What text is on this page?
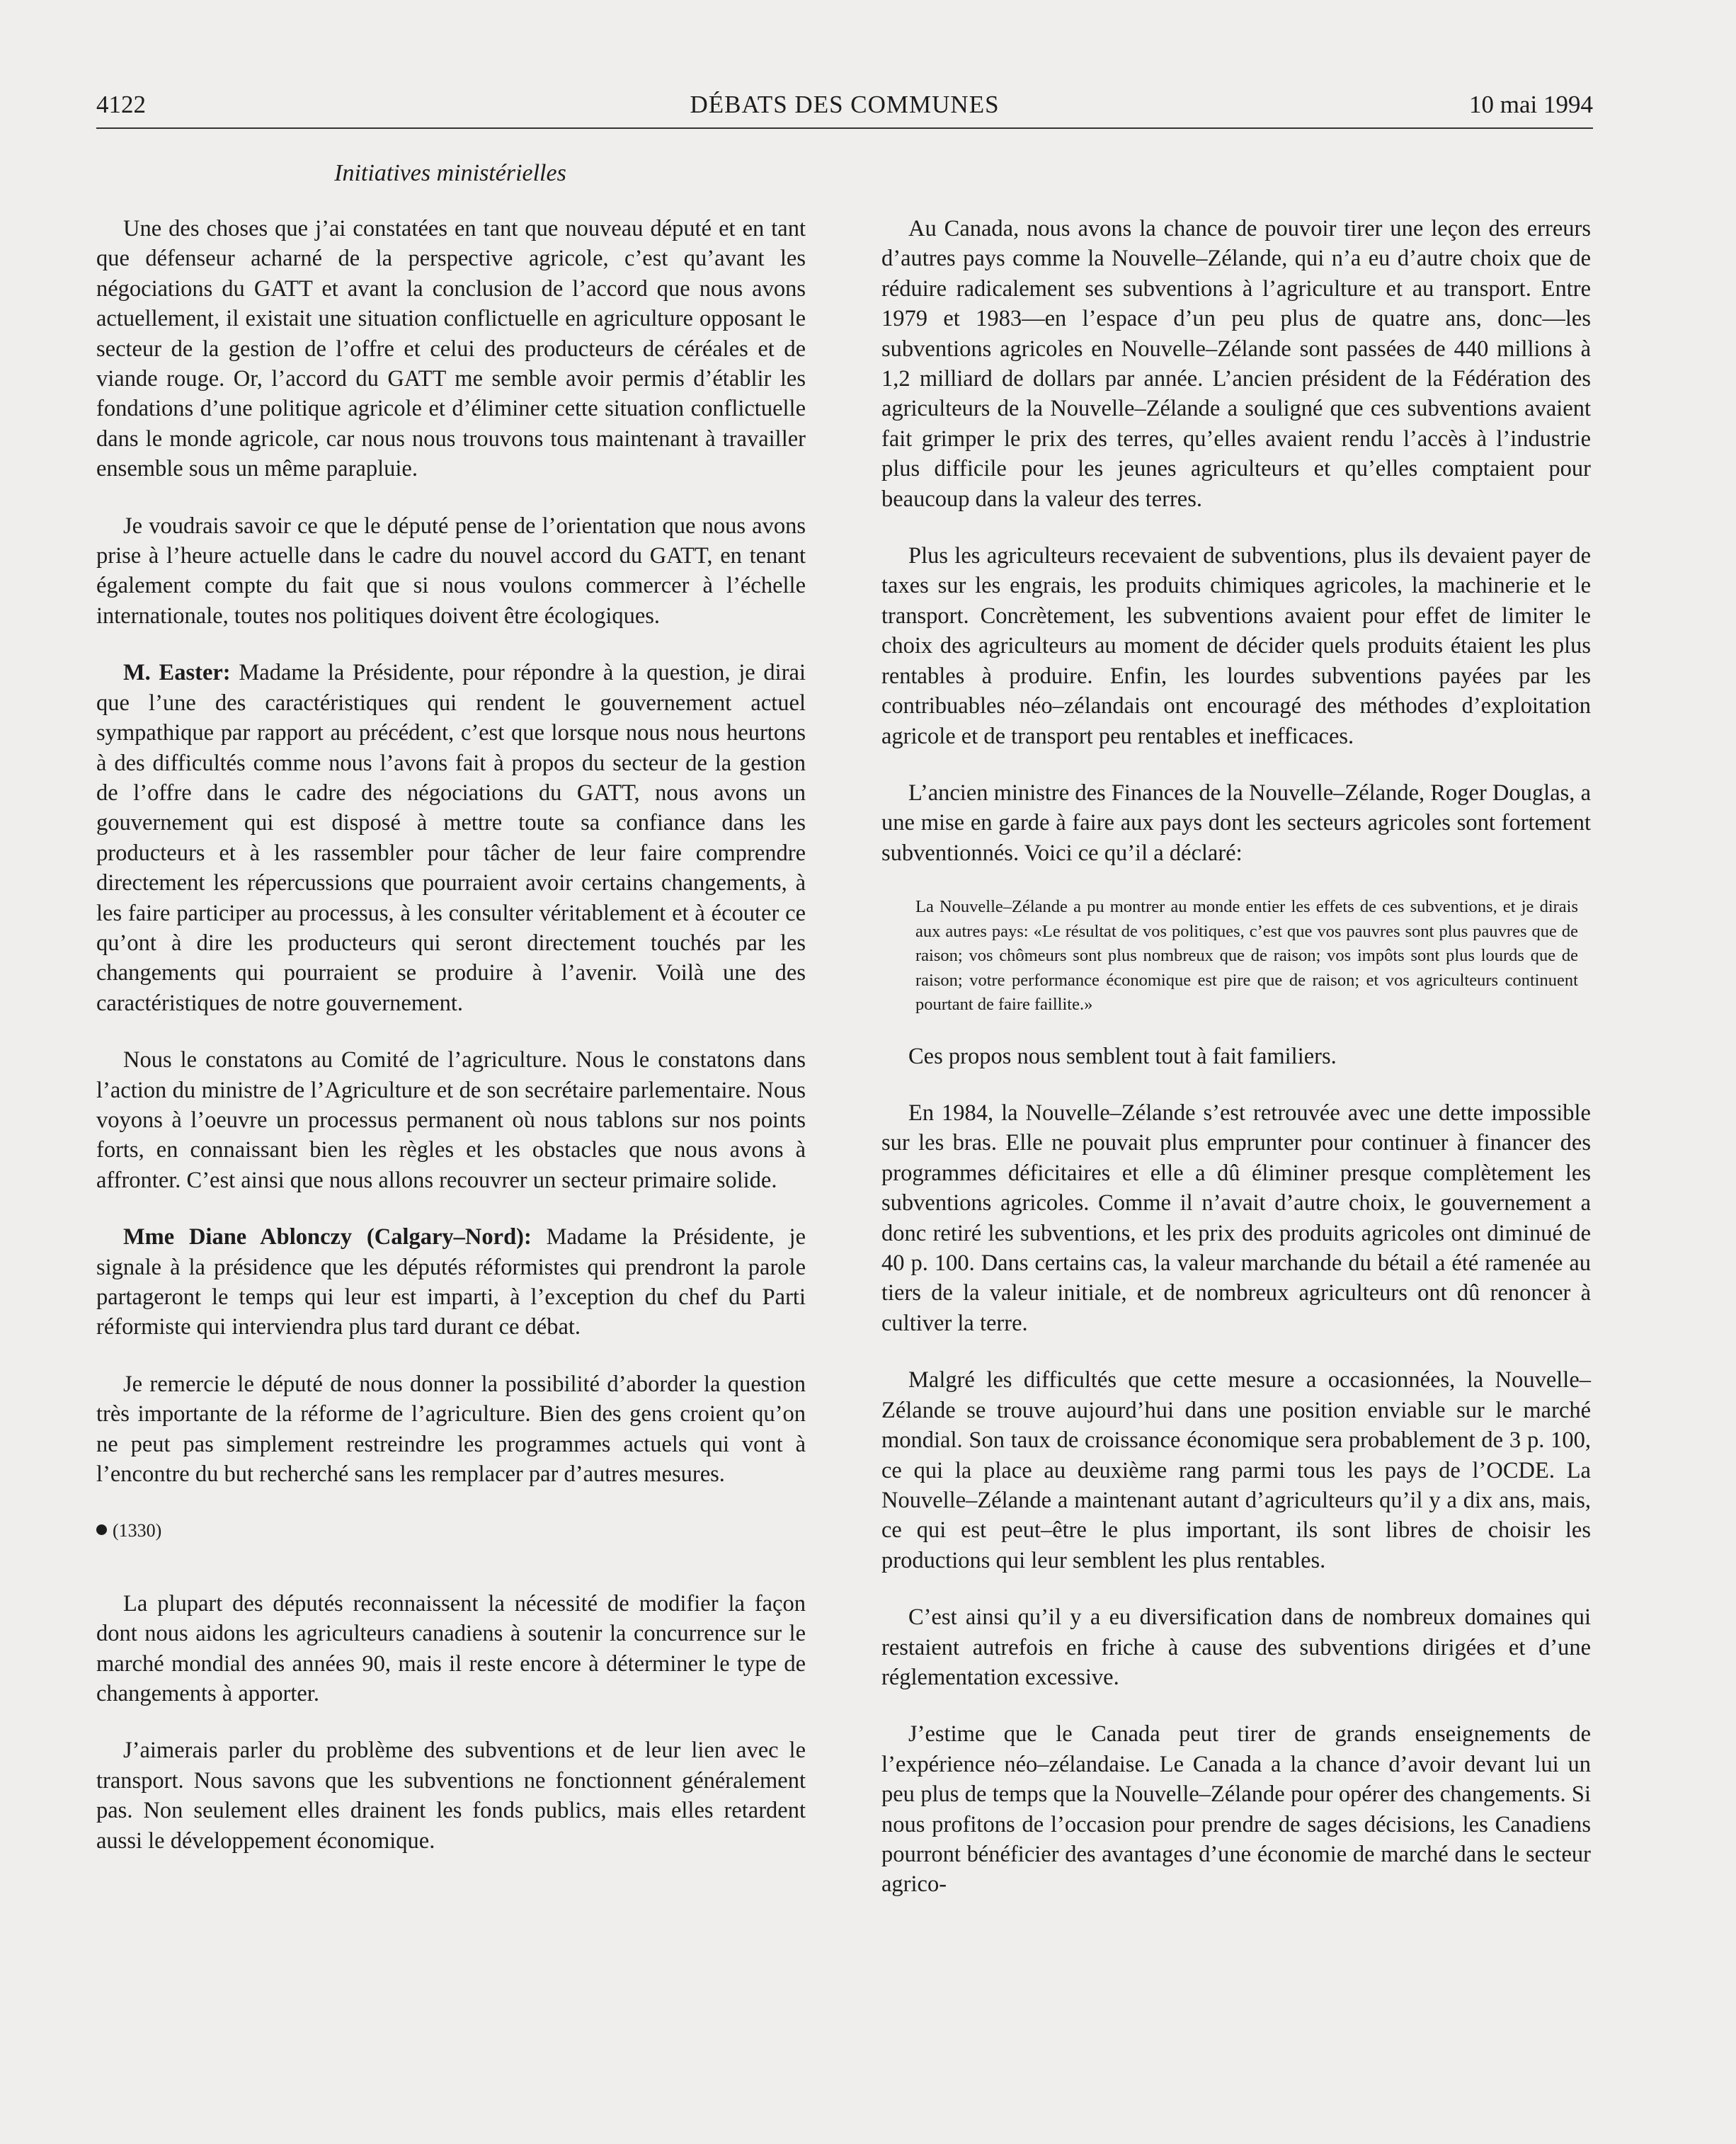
4122	DÉBATS DES COMMUNES	10 mai 1994
Initiatives ministérielles

Une des choses que j’ai constatées en tant que nouveau député et en tant que défenseur acharné de la perspective agricole, c’est qu’avant les négociations du GATT et avant la conclusion de l’accord que nous avons actuellement, il existait une situation conflictuelle en agriculture opposant le secteur de la gestion de l’offre et celui des producteurs de céréales et de viande rouge. Or, l’accord du GATT me semble avoir permis d’établir les fondations d’une politique agricole et d’éliminer cette situation conflictuelle dans le monde agricole, car nous nous trouvons tous maintenant à travailler ensemble sous un même parapluie.

Je voudrais savoir ce que le député pense de l’orientation que nous avons prise à l’heure actuelle dans le cadre du nouvel accord du GATT, en tenant également compte du fait que si nous voulons commercer à l’échelle internationale, toutes nos politiques doivent être écologiques.

M. Easter: Madame la Présidente, pour répondre à la question, je dirai que l’une des caractéristiques qui rendent le gouvernement actuel sympathique par rapport au précédent, c’est que lorsque nous nous heurtons à des difficultés comme nous l’avons fait à propos du secteur de la gestion de l’offre dans le cadre des négociations du GATT, nous avons un gouvernement qui est disposé à mettre toute sa confiance dans les producteurs et à les rassembler pour tâcher de leur faire comprendre directement les répercussions que pourraient avoir certains changements, à les faire participer au processus, à les consulter véritablement et à écouter ce qu’ont à dire les producteurs qui seront directement touchés par les changements qui pourraient se produire à l’avenir. Voilà une des caractéristiques de notre gouvernement.

Nous le constatons au Comité de l’agriculture. Nous le constatons dans l’action du ministre de l’Agriculture et de son secrétaire parlementaire. Nous voyons à l’oeuvre un processus permanent où nous tablons sur nos points forts, en connaissant bien les règles et les obstacles que nous avons à affronter. C’est ainsi que nous allons recouvrer un secteur primaire solide.

Mme Diane Ablonczy (Calgary–Nord): Madame la Présidente, je signale à la présidence que les députés réformistes qui prendront la parole partageront le temps qui leur est imparti, à l’exception du chef du Parti réformiste qui interviendra plus tard durant ce débat.

Je remercie le député de nous donner la possibilité d’aborder la question très importante de la réforme de l’agriculture. Bien des gens croient qu’on ne peut pas simplement restreindre les programmes actuels qui vont à l’encontre du but recherché sans les remplacer par d’autres mesures.

(1330)

La plupart des députés reconnaissent la nécessité de modifier la façon dont nous aidons les agriculteurs canadiens à soutenir la concurrence sur le marché mondial des années 90, mais il reste encore à déterminer le type de changements à apporter.

J’aimerais parler du problème des subventions et de leur lien avec le transport. Nous savons que les subventions ne fonctionnent généralement pas. Non seulement elles drainent les fonds publics, mais elles retardent aussi le développement économique.

Au Canada, nous avons la chance de pouvoir tirer une leçon des erreurs d’autres pays comme la Nouvelle–Zélande, qui n’a eu d’autre choix que de réduire radicalement ses subventions à l’agriculture et au transport. Entre 1979 et 1983—en l’espace d’un peu plus de quatre ans, donc—les subventions agricoles en Nouvelle–Zélande sont passées de 440 millions à 1,2 milliard de dollars par année. L’ancien président de la Fédération des agriculteurs de la Nouvelle–Zélande a souligné que ces subventions avaient fait grimper le prix des terres, qu’elles avaient rendu l’accès à l’industrie plus difficile pour les jeunes agriculteurs et qu’elles comptaient pour beaucoup dans la valeur des terres.

Plus les agriculteurs recevaient de subventions, plus ils devaient payer de taxes sur les engrais, les produits chimiques agricoles, la machinerie et le transport. Concrètement, les subventions avaient pour effet de limiter le choix des agriculteurs au moment de décider quels produits étaient les plus rentables à produire. Enfin, les lourdes subventions payées par les contribuables néo–zélandais ont encouragé des méthodes d’exploitation agricole et de transport peu rentables et inefficaces.

L’ancien ministre des Finances de la Nouvelle–Zélande, Roger Douglas, a une mise en garde à faire aux pays dont les secteurs agricoles sont fortement subventionnés. Voici ce qu’il a déclaré:

La Nouvelle–Zélande a pu montrer au monde entier les effets de ces subventions, et je dirais aux autres pays: «Le résultat de vos politiques, c’est que vos pauvres sont plus pauvres que de raison; vos chômeurs sont plus nombreux que de raison; vos impôts sont plus lourds que de raison; votre performance économique est pire que de raison; et vos agriculteurs continuent pourtant de faire faillite.»

Ces propos nous semblent tout à fait familiers.

En 1984, la Nouvelle–Zélande s’est retrouvée avec une dette impossible sur les bras. Elle ne pouvait plus emprunter pour continuer à financer des programmes déficitaires et elle a dû éliminer presque complètement les subventions agricoles. Comme il n’avait d’autre choix, le gouvernement a donc retiré les subventions, et les prix des produits agricoles ont diminué de 40 p. 100. Dans certains cas, la valeur marchande du bétail a été ramenée au tiers de la valeur initiale, et de nombreux agriculteurs ont dû renoncer à cultiver la terre.

Malgré les difficultés que cette mesure a occasionnées, la Nouvelle–Zélande se trouve aujourd’hui dans une position enviable sur le marché mondial. Son taux de croissance économique sera probablement de 3 p. 100, ce qui la place au deuxième rang parmi tous les pays de l’OCDE. La Nouvelle–Zélande a maintenant autant d’agriculteurs qu’il y a dix ans, mais, ce qui est peut–être le plus important, ils sont libres de choisir les productions qui leur semblent les plus rentables.

C’est ainsi qu’il y a eu diversification dans de nombreux domaines qui restaient autrefois en friche à cause des subventions dirigées et d’une réglementation excessive.

J’estime que le Canada peut tirer de grands enseignements de l’expérience néo–zélandaise. Le Canada a la chance d’avoir devant lui un peu plus de temps que la Nouvelle–Zélande pour opérer des changements. Si nous profitons de l’occasion pour prendre de sages décisions, les Canadiens pourront bénéficier des avantages d’une économie de marché dans le secteur agrico-
